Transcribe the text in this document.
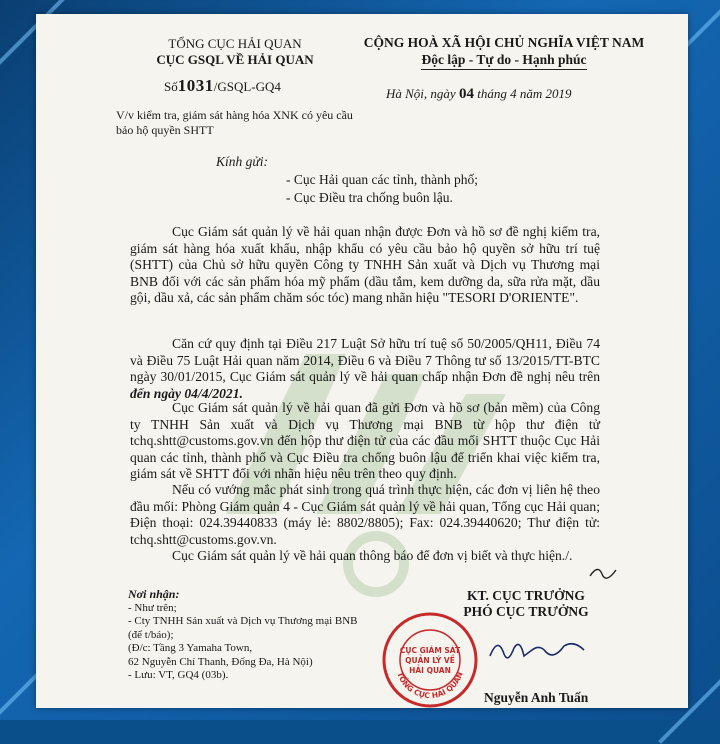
TỔNG CỤC HẢI QUAN
CỤC GSQL VỀ HẢI QUAN
CỘNG HOÀ XÃ HỘI CHỦ NGHĨA VIỆT NAM
Độc lập - Tự do - Hạnh phúc
Số1031/GSQL-GQ4	Hà Nội, ngày 04 tháng 4 năm 2019
V/v kiểm tra, giám sát hàng hóa XNK có yêu cầu bảo hộ quyền SHTT
Kính gửi:
- Cục Hải quan các tỉnh, thành phố;
- Cục Điều tra chống buôn lậu.
Cục Giám sát quản lý về hải quan nhận được Đơn và hồ sơ đề nghị kiểm tra, giám sát hàng hóa xuất khẩu, nhập khẩu có yêu cầu bảo hộ quyền sở hữu trí tuệ (SHTT) của Chủ sở hữu quyền Công ty TNHH Sản xuất và Dịch vụ Thương mại BNB đối với các sản phẩm hóa mỹ phẩm (dầu tắm, kem dưỡng da, sữa rửa mặt, dầu gội, dầu xả, các sản phẩm chăm sóc tóc) mang nhãn hiệu "TESORI D'ORIENTE".
Căn cứ quy định tại Điều 217 Luật Sở hữu trí tuệ số 50/2005/QH11, Điều 74 và Điều 75 Luật Hải quan năm 2014, Điều 6 và Điều 7 Thông tư số 13/2015/TT-BTC ngày 30/01/2015, Cục Giám sát quản lý về hải quan chấp nhận Đơn đề nghị nêu trên đến ngày 04/4/2021.
Cục Giám sát quản lý về hải quan đã gửi Đơn và hồ sơ (bản mềm) của Công ty TNHH Sản xuất và Dịch vụ Thương mại BNB từ hộp thư điện tử tchq.shtt@customs.gov.vn đến hộp thư điện tử của các đầu mối SHTT thuộc Cục Hải quan các tỉnh, thành phố và Cục Điều tra chống buôn lậu để triển khai việc kiểm tra, giám sát về SHTT đối với nhãn hiệu nêu trên theo quy định.
Nếu có vướng mắc phát sinh trong quá trình thực hiện, các đơn vị liên hệ theo đầu mối: Phòng Giám quản 4 - Cục Giám sát quản lý về hải quan, Tổng cục Hải quan; Điện thoại: 024.39440833 (máy lẻ: 8802/8805); Fax: 024.39440620; Thư điện tử: tchq.shtt@customs.gov.vn.
Cục Giám sát quản lý về hải quan thông báo để đơn vị biết và thực hiện./.
Nơi nhận:
- Như trên;
- Cty TNHH Sản xuất và Dịch vụ Thương mại BNB
(để t/báo);
(Đ/c: Tầng 3 Yamaha Town,
62 Nguyễn Chí Thanh, Đống Đa, Hà Nội)
- Lưu: VT, GQ4 (03b).
KT. CỤC TRƯỞNG
PHÓ CỤC TRƯỞNG
TỔNG CỤC HẢI QUAN
CỤC GIÁM SÁT
QUẢN LÝ VỀ
HẢI QUAN
Nguyễn Anh Tuấn
